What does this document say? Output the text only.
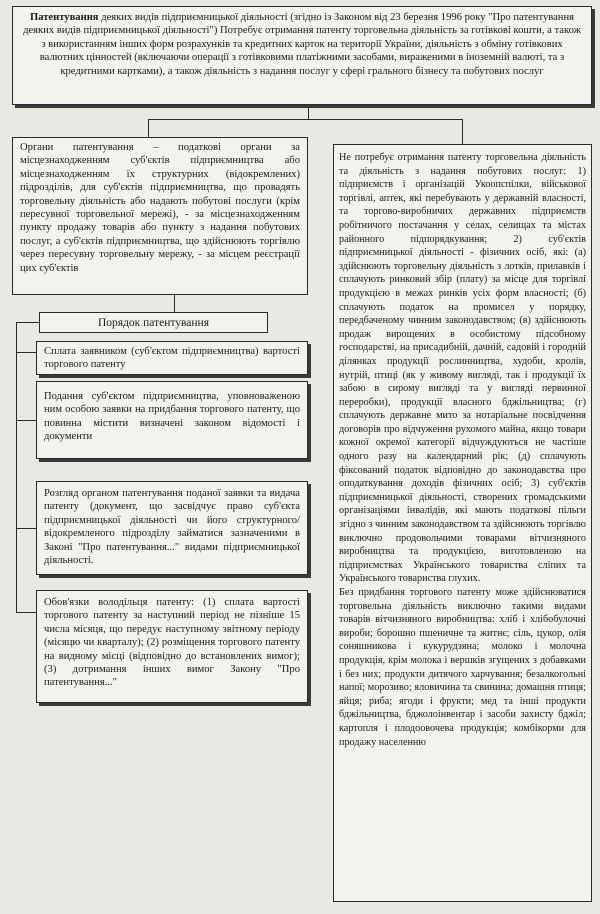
Патентування деяких видів підприємницької діяльності (згідно із Законом від 23 березня 1996 року "Про патентування деяких видів підприємницької діяльності") Потребує отримання патенту торговельна діяльність за готівкові кошти, а також з використанням інших форм розрахунків та кредитних карток на території України, діяльність з обміну готівкових валютних цінностей (включаючи операції з готівковими платіжними засобами, вираженими в іноземній валюті, та з кредитними картками), а також діяльність з надання послуг у сфері грального бізнесу та побутових послуг

Органи патентування – податкові органи за місцезнаходженням суб'єктів підприємництва або місцезнаходженням їх структурних (відокремлених) підрозділів, для суб'єктів підприємництва, що провадять торговельну діяльність або надають побутові послуги (крім пересувної торговельної мережі), - за місцезнаходженням пункту продажу товарів або пункту з надання побутових послуг, а суб'єктів підприємництва, що здійснюють торгівлю через пересувну торговельну мережу, - за місцем реєстрації цих суб'єктів

Порядок патентування

Сплата заявником (суб'єктом підприємництва) вартості торгового патенту

Подання суб'єктом підприємництва, уповноваженою ним особою заявки на придбання торгового патенту, що повинна містити визначені законом відомості і документи

Розгляд органом патентування поданої заявки та видача патенту (документ, що засвідчує право суб'єкта підприємницької діяльності чи його структурного/відокремленого підрозділу займатися зазначеними в Законі "Про патентування..." видами підприємницької діяльності.

Обов'язки володільця патенту: (1) сплата вартості торгового патенту за наступний період не пізніше 15 числа місяця, що передує наступному звітному періоду (місяцю чи кварталу); (2) розміщення торгового патенту на видному місці (відповідно до встановлених вимог); (3) дотримання інших вимог Закону "Про патентування..."

Не потребує отримання патенту торговельна діяльність та діяльність з надання побутових послуг: 1) підприємств і організацій Укоопспілки, військової торгівлі, аптек, які перебувають у державній власності, та торгово-виробничих державних підприємств робітничого постачання у селах, селищах та містах районного підпорядкування; 2) суб'єктів підприємницької діяльності - фізичних осіб, які: (а) здійснюють торговельну діяльність з лотків, прилавків і сплачують ринковий збір (плату) за місце для торгівлі продукцією в межах ринків усіх форм власності; (б) сплачують податок на промисел у порядку, передбаченому чинним законодавством; (в) здійснюють продаж вирощених в особистому підсобному господарстві, на присадибній, дачній, садовій і городній ділянках продукції рослинництва, худоби, кролів, нутрій, птиці (як у живому вигляді, так і продукції їх забою в сирому вигляді та у вигляді первинної переробки), продукції власного бджільництва; (г) сплачують державне мито за нотаріальне посвідчення договорів про відчуження рухомого майна, якщо товари кожної окремої категорії відчуждуються не частіше одного разу на календарний рік; (д) сплачують фіксований податок відповідно до законодавства про оподаткування доходів фізичних осіб; 3) суб'єктів підприємницької діяльності, створених громадськими організаціями інвалідів, які мають податкові пільги згідно з чинним законодавством та здійснюють торгівлю виключно продовольчими товарами вітчизняного виробництва та продукцією, виготовленою на підприємствах Українського товариства сліпих та Українського товариства глухих.

Без придбання торгового патенту може здійснюватися торговельна діяльність виключно такими видами товарів вітчизняного виробництва: хліб і хлібобулочні вироби; борошно пшеничне та житнє; сіль, цукор, олія соняшникова і кукурудзяна; молоко і молочна продукція, крім молока і вершків згущених з добавками і без них; продукти дитячого харчування; безалкогольні напої; морозиво; яловичина та свинина; домашня птиця; яйця; риба; ягоди і фрукти; мед та інші продукти бджільництва, бджолоінвентар і засоби захисту бджіл; картопля і плодоовочева продукція; комбікорми для продажу населенню
